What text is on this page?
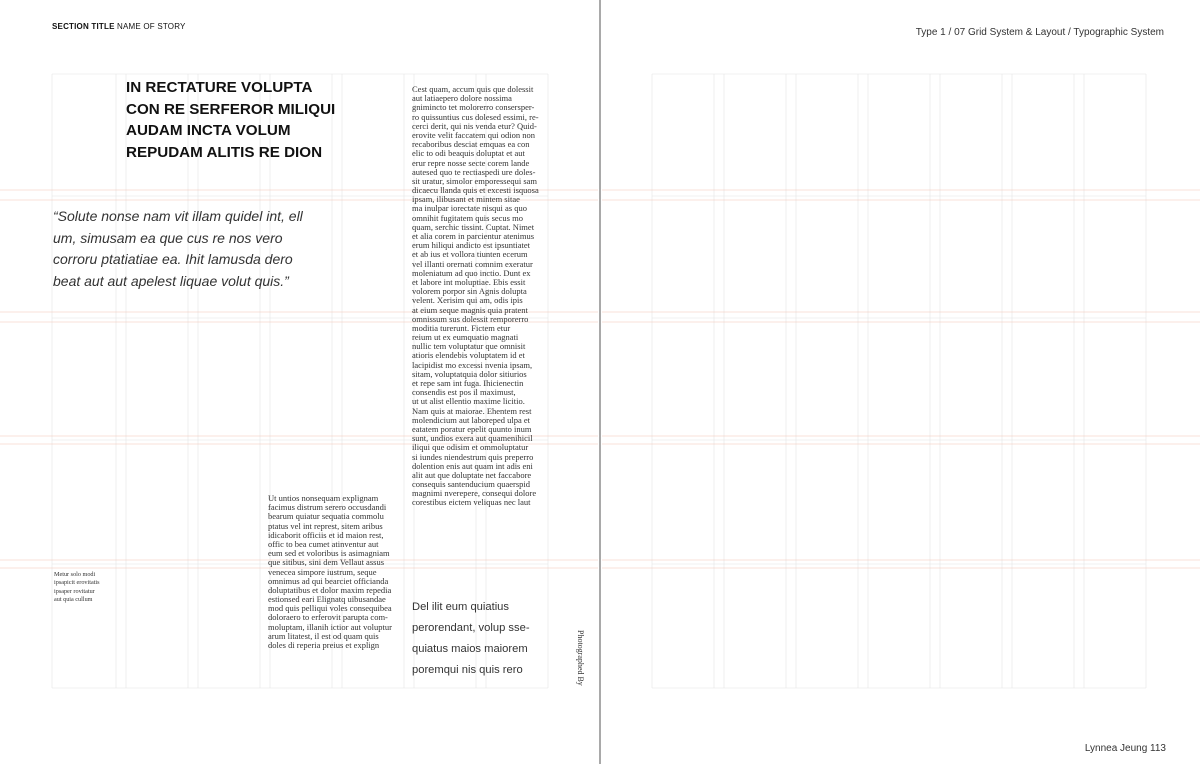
SECTION TITLE NAME OF STORY
Type 1 / 07 Grid System & Layout / Typographic System
IN RECTATURE VOLUPTA
CON RE SERFEROR MILIQUI
AUDAM INCTA VOLUM
REPUDAM ALITIS RE DION
“Solute nonse nam vit illam quidel int, ell
um, simusam ea que cus re nos vero
corroru ptatiatiae ea. Ihit lamusda dero
beat aut aut apelest liquae volut quis.”
Cest quam, accum quis que dolessit
aut latiaepero dolore nossima
gnimincto tet molorerro consersper-
ro quissuntius cus dolesed essimi, re-
cerci derit, qui nis venda etur? Quid-
erovite velit faccatem qui odion non
recaboribus desciat emquas ea con
elic to odi beaquis doluptat et aut
erur repre nosse secte corem lande
autesed quo te rectiaspedi ure doles-
sit uratur, simolor emporessequi sam
dicaecu llanda quis et excesti isquosa
ipsam, ilibusant et mintem sitae
ma inulpar iorectate nisqui as quo
omnihit fugitatem quis secus mo
quam, serchic tissint. Cuptat. Nimet
et alia corem in parcientur atenimus
erum hiliqui andicto est ipsuntiatet
et ab ius et vollora tiunten ecerum
vel illanti orernati comnim exeratur
moleniatum ad quo inctio. Dunt ex
et labore int moluptiae. Ebis essit
volorem porpor sin Agnis dolupta
velent. Xerisim qui am, odis ipis
at eium seque magnis quia pratent
omnissum sus dolessit remporerro
moditia turerunt. Fictem etur
reium ut ex eumquatio magnati
nullic tem voluptatur que omnisit
atioris elendebis voluptatem id et
lacipidist mo excessi nvenia ipsam,
sitam, voluptatquia dolor sitiurios
et repe sam int fuga. Ihicienectin
consendis est pos il maximust,
ut ut alist ellentio maxime licitio.
Nam quis at maiorae. Ehentem rest
molendicium aut laboreped ulpa et
eatatem poratur epelit quunto inum
sunt, undios exera aut quamenihicil
iliqui que odisim et ommoluptatur
si iundes niendestrum quis preperro
dolention enis aut quam int adis eni
alit aut que doluptate net faccabore
consequis santenducium quaerspid
magnimi nverepere, consequi dolore
corestibus eictem veliquas nec laut
Ut untios nonsequam explignam
facimus distrum serero occusdandi
bearum quiatur sequatia commolu
ptatus vel int represt, sitem aribus
idicaborit officiis et id maion rest,
offic to bea cumet atinventur aut
eum sed et voloribus is asimagniam
que sitibus, sini dem Vellaut assus
venecea simpore iustrum, seque
omnimus ad qui bearciet officianda
doluptatibus et dolor maxim repedia
estionsed eari Elignatq uibusandae
mod quis pelliqui voles consequibea
doloraero to erferovit parupta com-
moluptam, illanih ictior aut voluptur
arum litatest, il est od quam quis
doles di reperia preius et explign
Metur solo modi
ipsapicit erovitatis
ipsaper rovitatur
aut quia cullum
Del ilit eum quiatius
perorendant, volup sse-
quiatus maios maiorem
poremqui nis quis rero	Photographed By
Lynnea Jeung 113
